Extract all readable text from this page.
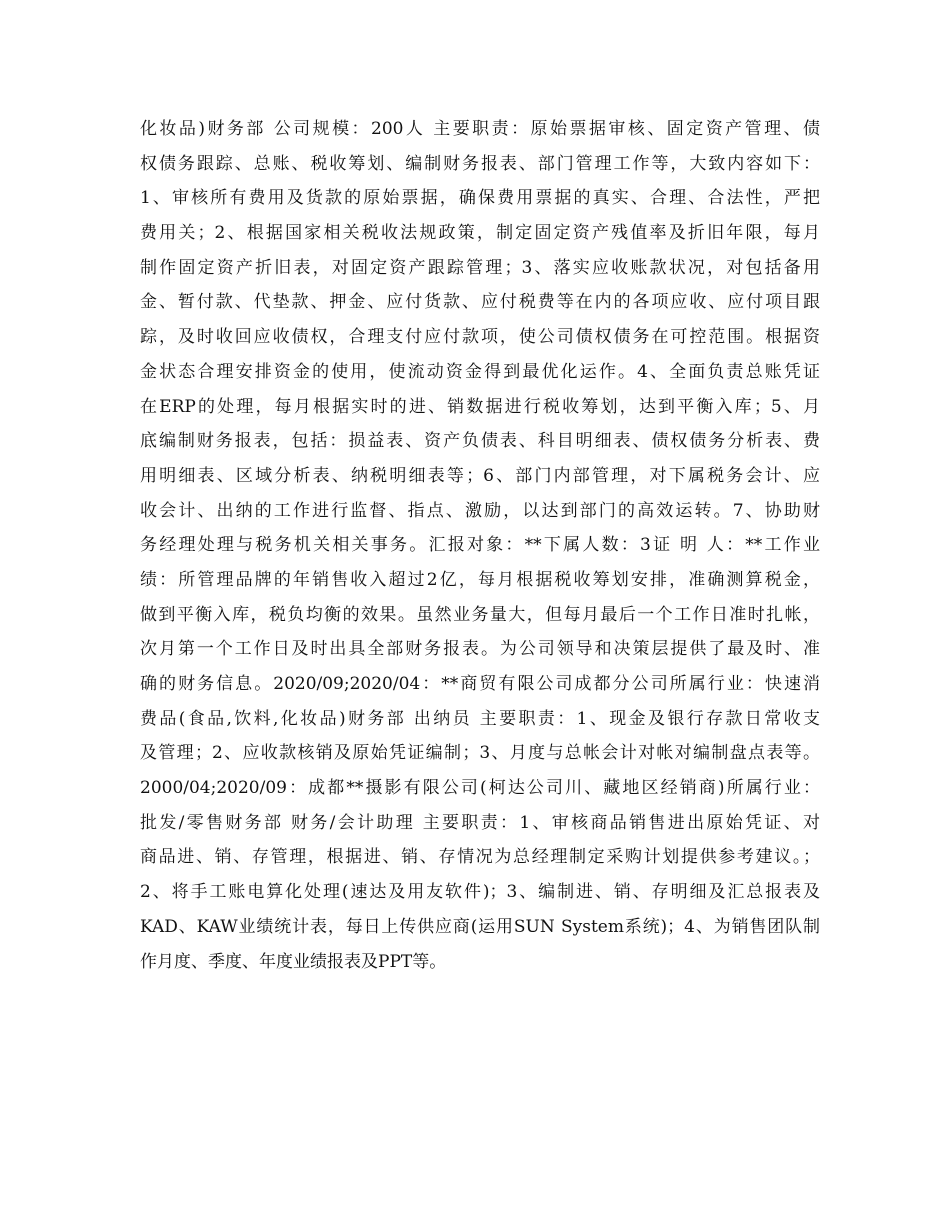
化妆品)财务部 公司规模：200人 主要职责：原始票据审核、固定资产管理、债
权债务跟踪、总账、税收筹划、编制财务报表、部门管理工作等，大致内容如下：
1、审核所有费用及货款的原始票据，确保费用票据的真实、合理、合法性，严把
费用关；2、根据国家相关税收法规政策，制定固定资产残值率及折旧年限，每月
制作固定资产折旧表，对固定资产跟踪管理；3、落实应收账款状况，对包括备用
金、暂付款、代垫款、押金、应付货款、应付税费等在内的各项应收、应付项目跟
踪，及时收回应收债权，合理支付应付款项，使公司债权债务在可控范围。根据资
金状态合理安排资金的使用，使流动资金得到最优化运作。4、全面负责总账凭证
在ERP的处理，每月根据实时的进、销数据进行税收筹划，达到平衡入库；5、月
底编制财务报表，包括：损益表、资产负债表、科目明细表、债权债务分析表、费
用明细表、区域分析表、纳税明细表等；6、部门内部管理，对下属税务会计、应
收会计、出纳的工作进行监督、指点、激励，以达到部门的高效运转。7、协助财
务经理处理与税务机关相关事务。汇报对象：**下属人数：3证 明 人：**工作业
绩：所管理品牌的年销售收入超过2亿，每月根据税收筹划安排，准确测算税金，
做到平衡入库，税负均衡的效果。虽然业务量大，但每月最后一个工作日准时扎帐，
次月第一个工作日及时出具全部财务报表。为公司领导和决策层提供了最及时、准
确的财务信息。2020/09;2020/04：**商贸有限公司成都分公司所属行业：快速消
费品(食品,饮料,化妆品)财务部 出纳员 主要职责：1、现金及银行存款日常收支
及管理；2、应收款核销及原始凭证编制；3、月度与总帐会计对帐对编制盘点表等。
2000/04;2020/09：成都**摄影有限公司(柯达公司川、藏地区经销商)所属行业：
批发/零售财务部 财务/会计助理 主要职责：1、审核商品销售进出原始凭证、对
商品进、销、存管理，根据进、销、存情况为总经理制定采购计划提供参考建议。；
2、将手工账电算化处理(速达及用友软件)；3、编制进、销、存明细及汇总报表及
KAD、KAW业绩统计表，每日上传供应商(运用SUN System系统)；4、为销售团队制
作月度、季度、年度业绩报表及PPT等。
